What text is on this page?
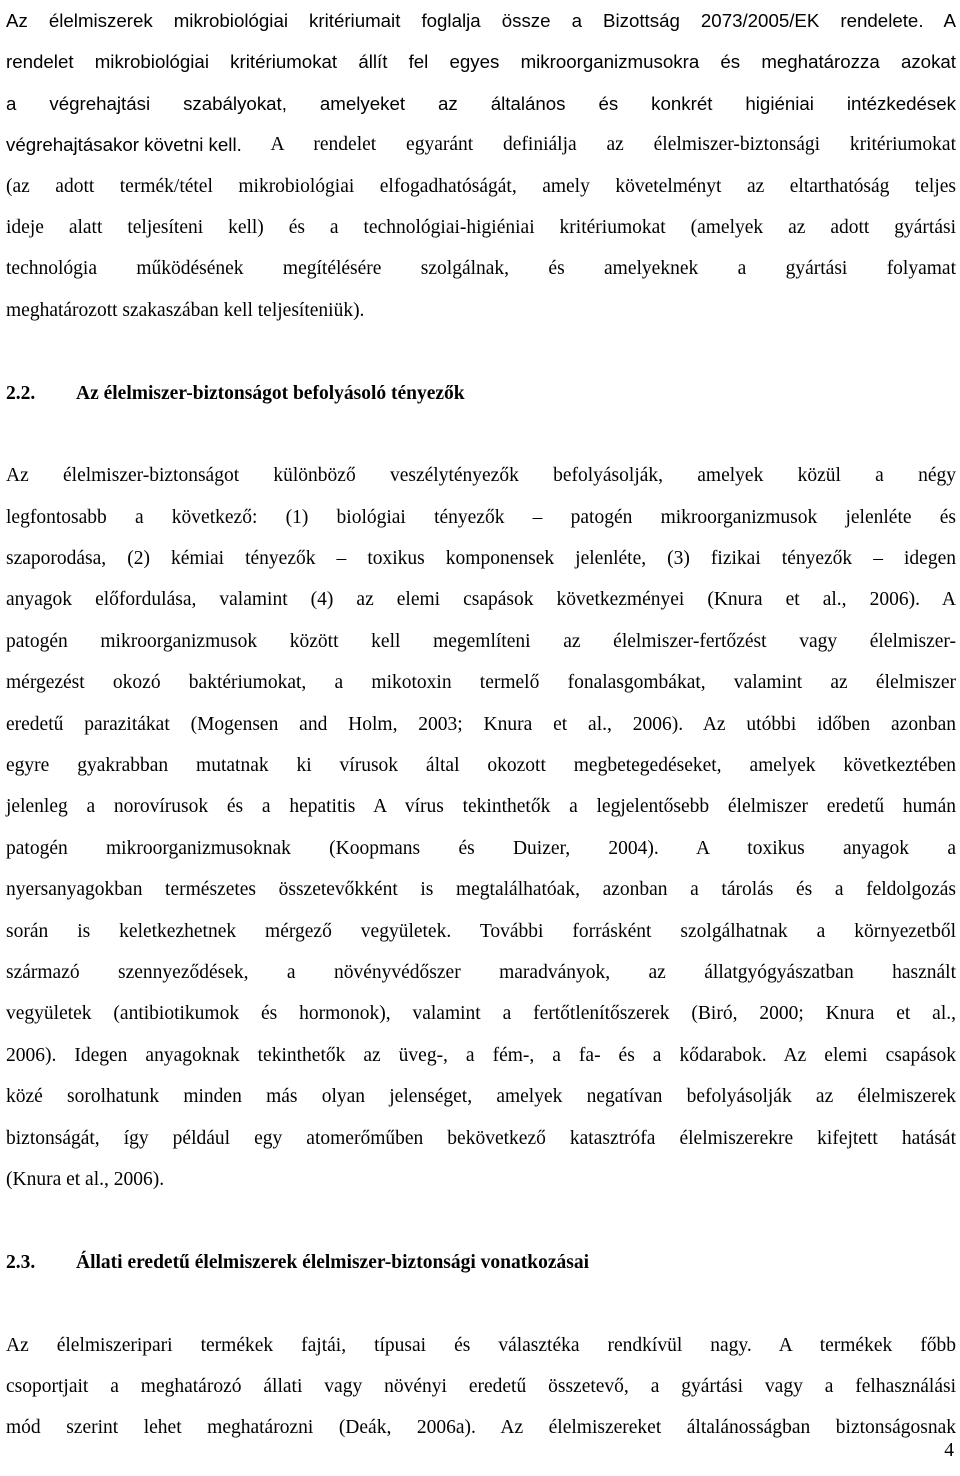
Az élelmiszerek mikrobiológiai kritériumait foglalja össze a Bizottság 2073/2005/EK rendelete. A
rendelet mikrobiológiai kritériumokat állít fel egyes mikroorganizmusokra és meghatározza azokat
a végrehajtási szabályokat, amelyeket az általános és konkrét higiéniai intézkedések
végrehajtásakor követni kell. A rendelet egyaránt definiálja az élelmiszer-biztonsági kritériumokat
(az adott termék/tétel mikrobiológiai elfogadhatóságát, amely követelményt az eltarthatóság teljes
ideje alatt teljesíteni kell) és a technológiai-higiéniai kritériumokat (amelyek az adott gyártási
technológia működésének megítélésére szolgálnak, és amelyeknek a gyártási folyamat
meghatározott szakaszában kell teljesíteniük).

2.2.	Az élelmiszer-biztonságot befolyásoló tényezők

Az élelmiszer-biztonságot különböző veszélytényezők befolyásolják, amelyek közül a négy
legfontosabb a következő: (1) biológiai tényezők – patogén mikroorganizmusok jelenléte és
szaporodása, (2) kémiai tényezők – toxikus komponensek jelenléte, (3) fizikai tényezők – idegen
anyagok előfordulása, valamint (4) az elemi csapások következményei (Knura et al., 2006). A
patogén mikroorganizmusok között kell megemlíteni az élelmiszer-fertőzést vagy élelmiszer-
mérgezést okozó baktériumokat, a mikotoxin termelő fonalasgombákat, valamint az élelmiszer
eredetű parazitákat (Mogensen and Holm, 2003; Knura et al., 2006). Az utóbbi időben azonban
egyre gyakrabban mutatnak ki vírusok által okozott megbetegedéseket, amelyek következtében
jelenleg a norovírusok és a hepatitis A vírus tekinthetők a legjelentősebb élelmiszer eredetű humán
patogén mikroorganizmusoknak (Koopmans és Duizer, 2004). A toxikus anyagok a
nyersanyagokban természetes összetevőkként is megtalálhatóak, azonban a tárolás és a feldolgozás
során is keletkezhetnek mérgező vegyületek. További forrásként szolgálhatnak a környezetből
származó szennyeződések, a növényvédőszer maradványok, az állatgyógyászatban használt
vegyületek (antibiotikumok és hormonok), valamint a fertőtlenítőszerek (Biró, 2000; Knura et al.,
2006). Idegen anyagoknak tekinthetők az üveg-, a fém-, a fa- és a kődarabok. Az elemi csapások
közé sorolhatunk minden más olyan jelenséget, amelyek negatívan befolyásolják az élelmiszerek
biztonságát, így például egy atomerőműben bekövetkező katasztrófa élelmiszerekre kifejtett hatását
(Knura et al., 2006).

2.3.	Állati eredetű élelmiszerek élelmiszer-biztonsági vonatkozásai

Az élelmiszeripari termékek fajtái, típusai és választéka rendkívül nagy. A termékek főbb
csoportjait a meghatározó állati vagy növényi eredetű összetevő, a gyártási vagy a felhasználási
mód szerint lehet meghatározni (Deák, 2006a). Az élelmiszereket általánosságban biztonságosnak

4
